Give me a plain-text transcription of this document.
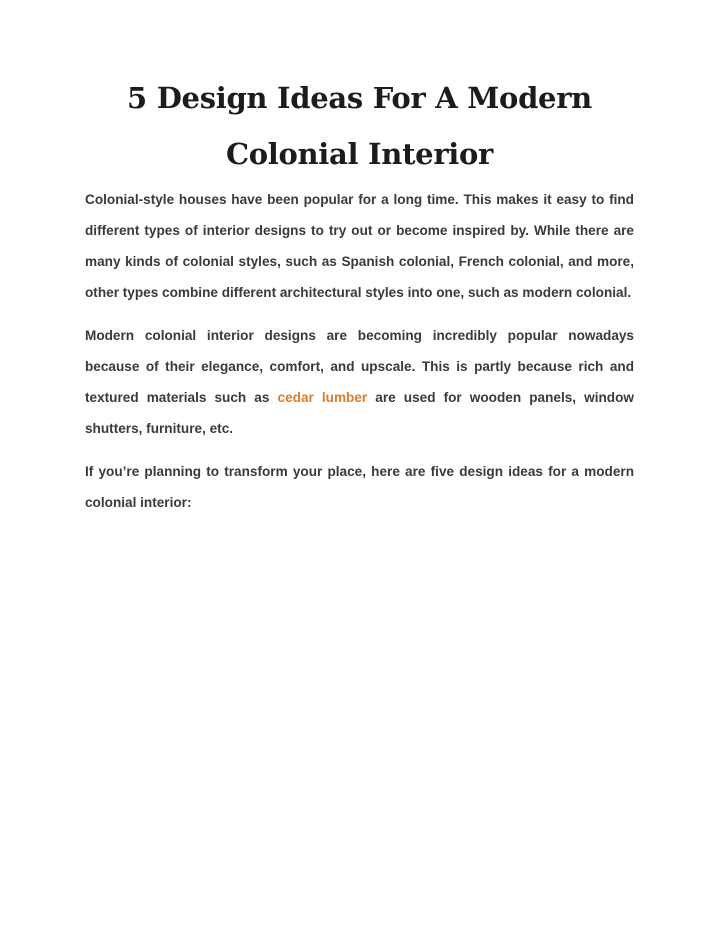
5 Design Ideas For A Modern
Colonial Interior

Colonial-style houses have been popular for a long time. This makes it easy to find different types of interior designs to try out or become inspired by. While there are many kinds of colonial styles, such as Spanish colonial, French colonial, and more, other types combine different architectural styles into one, such as modern colonial.

Modern colonial interior designs are becoming incredibly popular nowadays because of their elegance, comfort, and upscale. This is partly because rich and textured materials such as cedar lumber are used for wooden panels, window shutters, furniture, etc.

If you’re planning to transform your place, here are five design ideas for a modern colonial interior:
